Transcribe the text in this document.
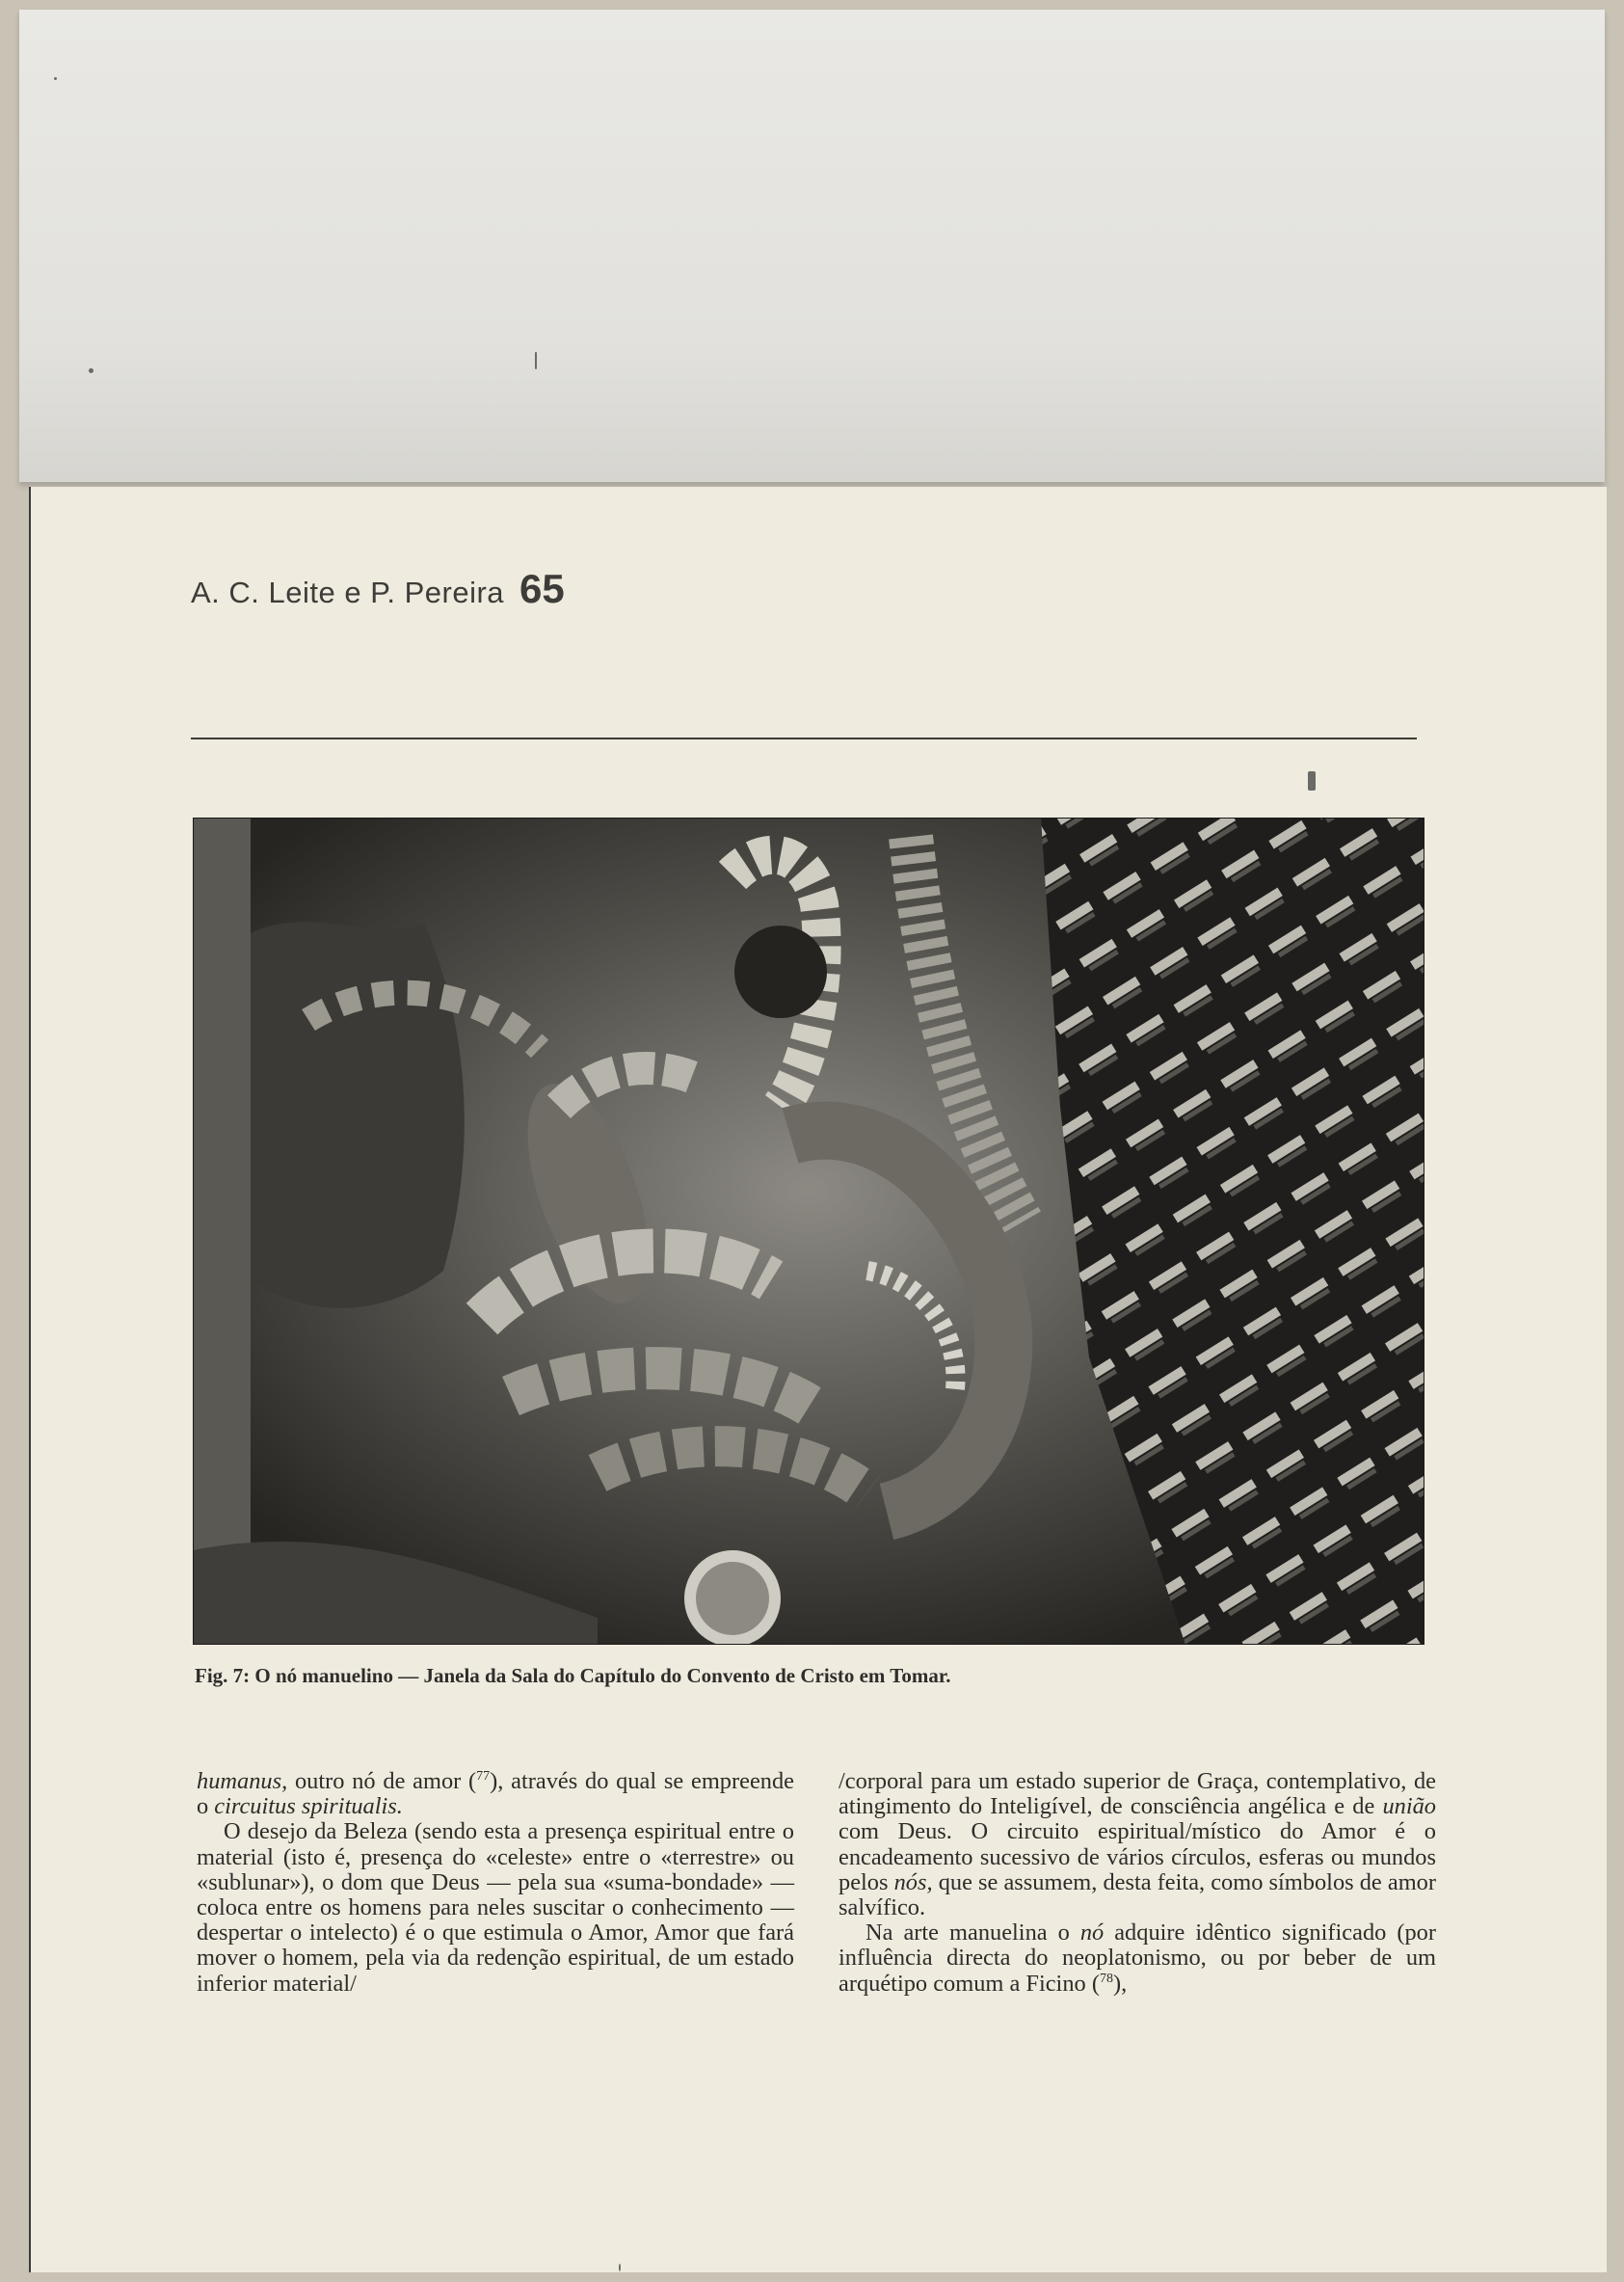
A. C. Leite e P. Pereira 65
Fig. 7: O nó manuelino — Janela da Sala do Capítulo do Convento de Cristo em Tomar.

humanus, outro nó de amor ($^{77}$), através do qual se empreende o circuitus spiritualis.

O desejo da Beleza (sendo esta a presença espiritual entre o material (isto é, presença do «celeste» entre o «terrestre» ou «sublunar»), o dom que Deus — pela sua «suma-bondade» — coloca entre os homens para neles suscitar o conhecimento — despertar o intelecto) é o que estimula o Amor, Amor que fará mover o homem, pela via da redenção espiritual, de um estado inferior material/

/corporal para um estado superior de Graça, contemplativo, de atingimento do Inteligível, de consciência angélica e de união com Deus. O circuito espiritual/místico do Amor é o encadeamento sucessivo de vários círculos, esferas ou mundos pelos nós, que se assumem, desta feita, como símbolos de amor salvífico.

Na arte manuelina o nó adquire idêntico significado (por influência directa do neoplatonismo, ou por beber de um arquétipo comum a Ficino ($^{78}$),
